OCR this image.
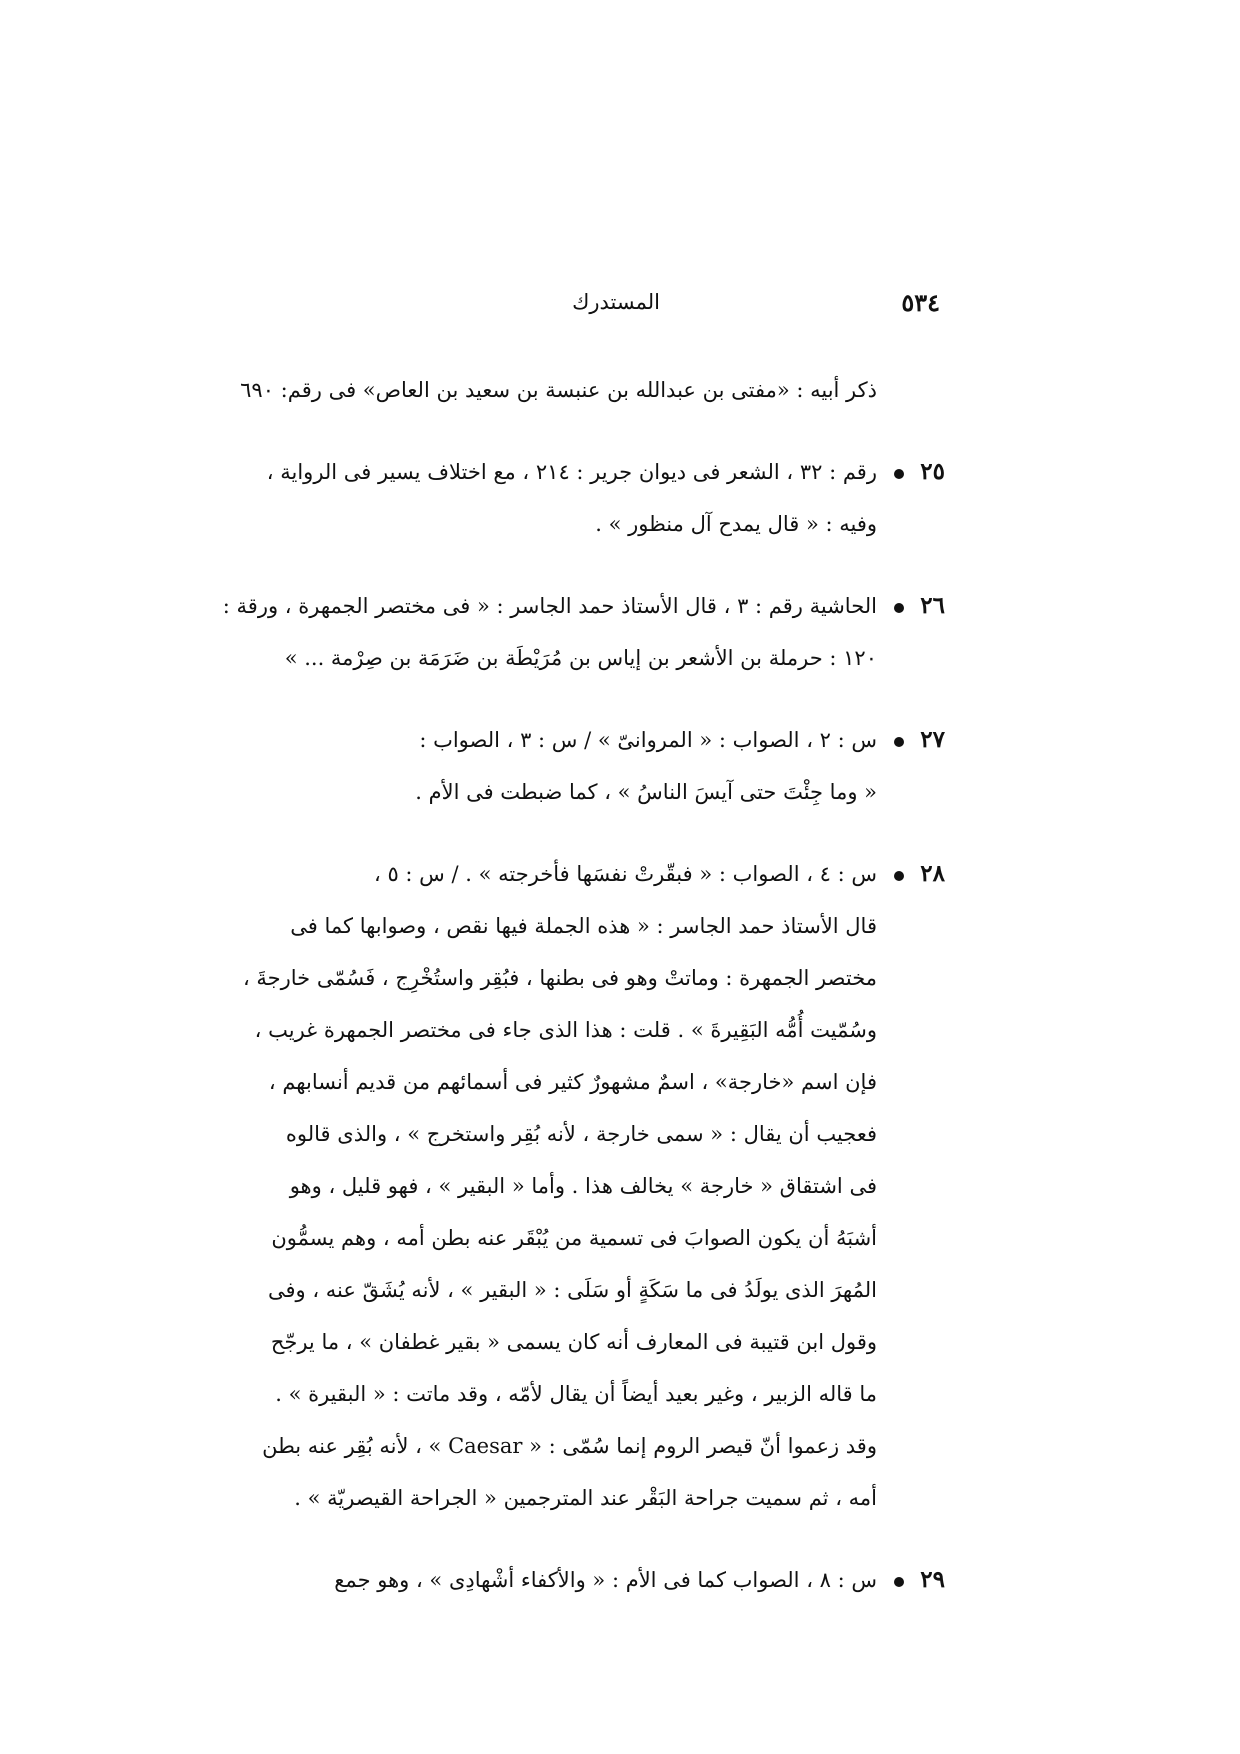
٥٣٤
المستدرك
ذكر أبيه : «مفتى بن عبدالله بن عنبسة بن سعيد بن العاص» فى رقم: ٦٩٠
٢٥
رقم : ٣٢ ، الشعر فى ديوان جرير : ٢١٤ ، مع اختلاف يسير فى الرواية ،
وفيه : « قال يمدح آل منظور » .
٢٦
الحاشية رقم : ٣ ، قال الأستاذ حمد الجاسر : « فى مختصر الجمهرة ، ورقة :
١٢٠ : حرملة بن الأشعر بن إياس بن مُرَيْطَة بن ضَرَمَة بن صِرْمة ... »
٢٧
س : ٢ ، الصواب : « المروانىّ » / س : ٣ ، الصواب :
« وما جِئْتَ حتى آيسَ الناسُ » ، كما ضبطت فى الأم .
٢٨
س : ٤ ، الصواب : « فبقّرتْ نفسَها فأخرجته » . / س : ٥ ،
قال الأستاذ حمد الجاسر : « هذه الجملة فيها نقص ، وصوابها كما فى
مختصر الجمهرة : وماتتْ وهو فى بطنها ، فبُقِر واستُخْرِج ، فَسُمّى خارجةَ ،
وسُمّيت أُمُّه البَقِيرةَ » . قلت : هذا الذى جاء فى مختصر الجمهرة غريب ،
فإن اسم «خارجة» ، اسمٌ مشهورٌ كثير فى أسمائهم من قديم أنسابهم ،
فعجيب أن يقال : « سمى خارجة ، لأنه بُقِر واستخرج » ، والذى قالوه
فى اشتقاق « خارجة » يخالف هذا . وأما « البقير » ، فهو قليل ، وهو
أشبَهُ أن يكون الصوابَ فى تسمية من يُبْقَر عنه بطن أمه ، وهم يسمُّون
المُهرَ الذى يولَدُ فى ما سَكَةٍ أو سَلَى : « البقير » ، لأنه يُشَقّ عنه ، وفى
وقول ابن قتيبة فى المعارف أنه كان يسمى « بقير غطفان » ، ما يرجّح
ما قاله الزبير ، وغير بعيد أيضاً أن يقال لأمّه ، وقد ماتت : « البقيرة » .
وقد زعموا أنّ قيصر الروم إنما سُمّى : « Caesar » ، لأنه بُقِر عنه بطن
أمه ، ثم سميت جراحة البَقْر عند المترجمين « الجراحة القيصريّة » .
٢٩
س : ٨ ، الصواب كما فى الأم : « والأكفاء أشْهادِى » ، وهو جمع
